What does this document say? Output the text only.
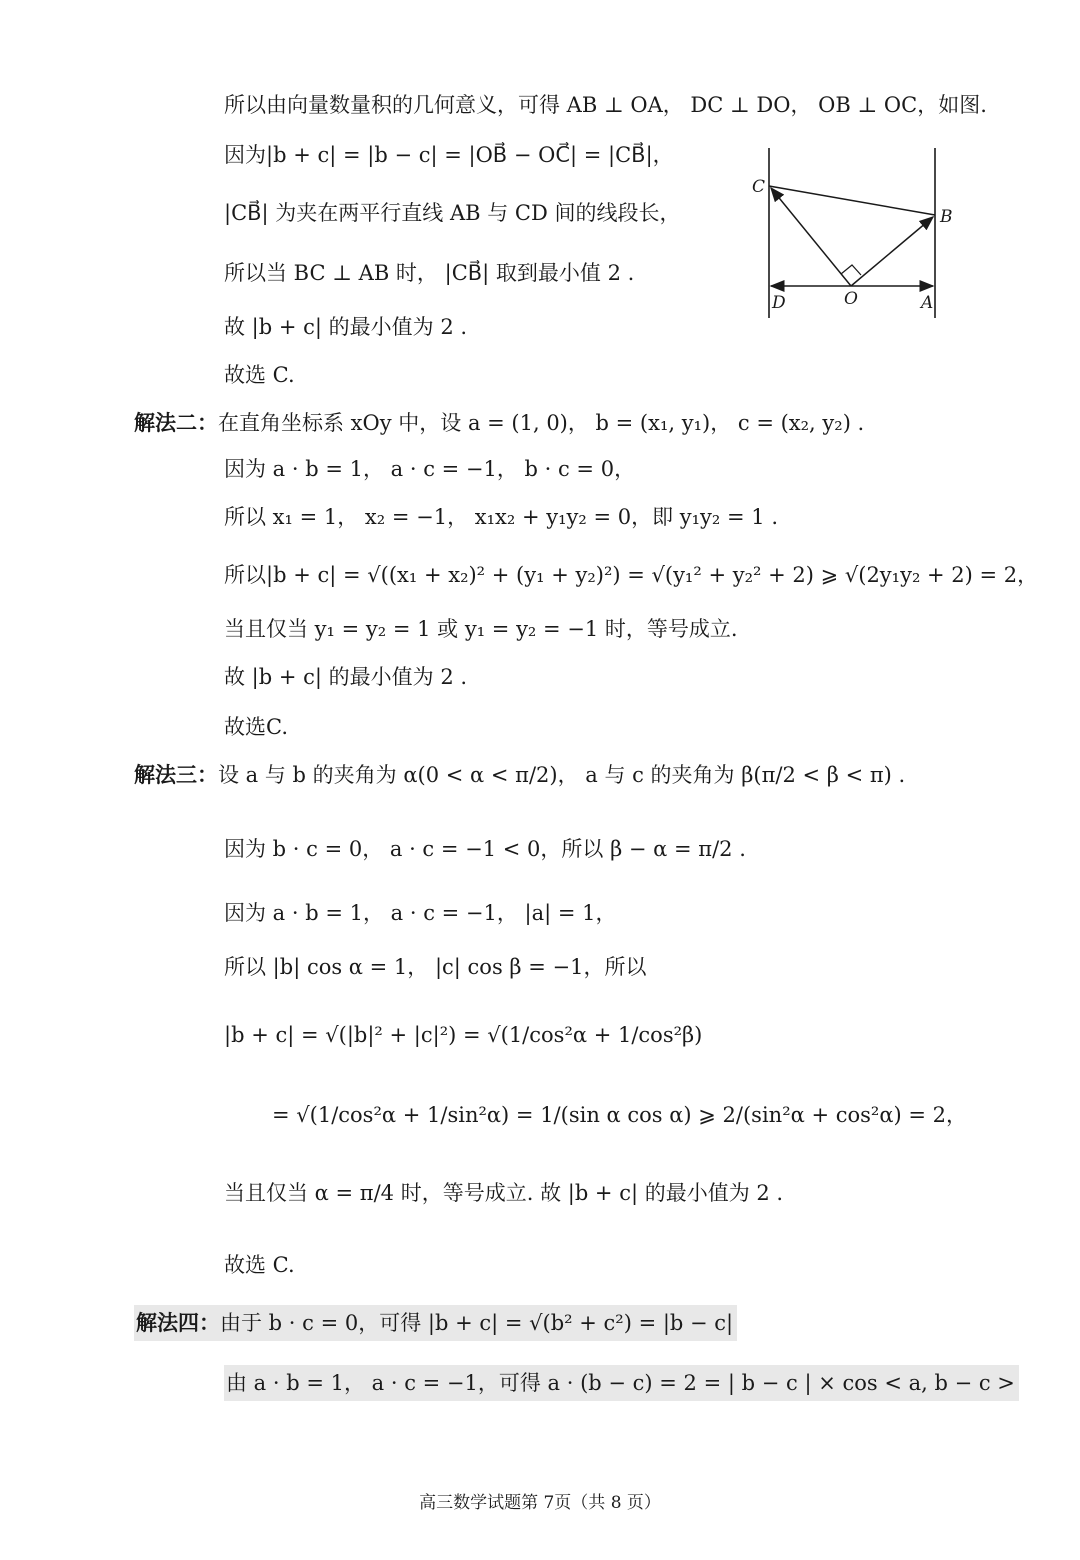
所以由向量数量积的几何意义，可得 AB ⊥ OA， DC ⊥ DO， OB ⊥ OC，如图.
因为|b + c| = |b − c| = |OB⃗ − OC⃗| = |CB⃗|，
|CB⃗| 为夹在两平行直线 AB 与 CD 间的线段长，
所以当 BC ⊥ AB 时， |CB⃗| 取到最小值 2 .
故 |b + c| 的最小值为 2 .
故选 C.
C
B
D	O	A
解法二：在直角坐标系 xOy 中，设 a = (1, 0)， b = (x₁, y₁)， c = (x₂, y₂) .
因为 a · b = 1， a · c = −1， b · c = 0，
所以 x₁ = 1， x₂ = −1， x₁x₂ + y₁y₂ = 0，即 y₁y₂ = 1 .
所以|b + c| = √((x₁ + x₂)² + (y₁ + y₂)²) = √(y₁² + y₂² + 2) ⩾ √(2y₁y₂ + 2) = 2，
当且仅当 y₁ = y₂ = 1 或 y₁ = y₂ = −1 时，等号成立.
故 |b + c| 的最小值为 2 .
故选C.
解法三：设 a 与 b 的夹角为 α(0 < α < π/2)， a 与 c 的夹角为 β(π/2 < β < π) .
因为 b · c = 0， a · c = −1 < 0，所以 β − α = π/2 .
因为 a · b = 1， a · c = −1， |a| = 1，
所以 |b| cos α = 1， |c| cos β = −1，所以
|b + c| = √(|b|² + |c|²) = √(1/cos²α + 1/cos²β)
= √(1/cos²α + 1/sin²α) = 1/(sin α cos α) ⩾ 2/(sin²α + cos²α) = 2，
当且仅当 α = π/4 时，等号成立. 故 |b + c| 的最小值为 2 .
故选 C.
解法四：由于 b · c = 0，可得 |b + c| = √(b² + c²) = |b − c|
由 a · b = 1， a · c = −1，可得 a · (b − c) = 2 = | b − c | × cos < a, b − c >
高三数学试题第 7页（共 8 页）
